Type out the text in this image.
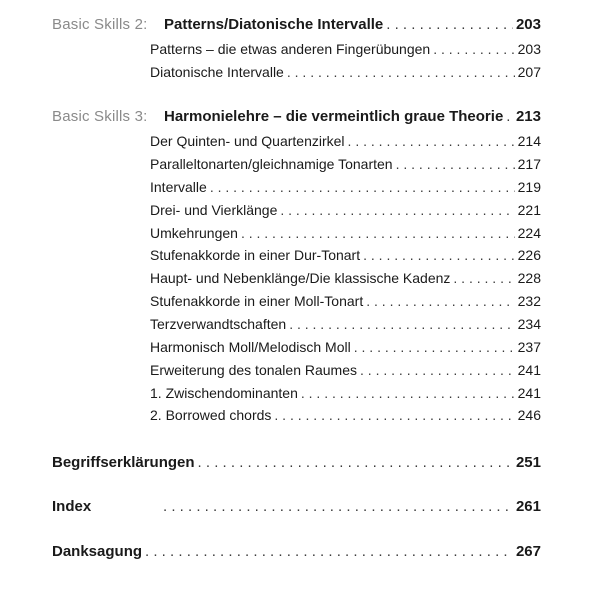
Basic Skills 2: Patterns/Diatonische Intervalle . . .	203
Patterns – die etwas anderen Fingerübungen . . .	203
Diatonische Intervalle . . .	207
Basic Skills 3: Harmonielehre – die vermeintlich graue Theorie . . . 213
Der Quinten- und Quartenzirkel . . .	214
Paralleltonarten/gleichnamige Tonarten . . .	217
Intervalle . . .	219
Drei- und Vierklänge . . .	221
Umkehrungen . . .	224
Stufenakkorde in einer Dur-Tonart . . .	226
Haupt- und Nebenklänge/Die klassische Kadenz . . .	228
Stufenakkorde in einer Moll-Tonart . . .	232
Terzverwandtschaften . . .	234
Harmonisch Moll/Melodisch Moll . . .	237
Erweiterung des tonalen Raumes . . .	241
1. Zwischendominanten . . .	241
2. Borrowed chords . . .	246
Begriffserklärungen . . .	251
Index . . .	261
Danksagung . . .	267
